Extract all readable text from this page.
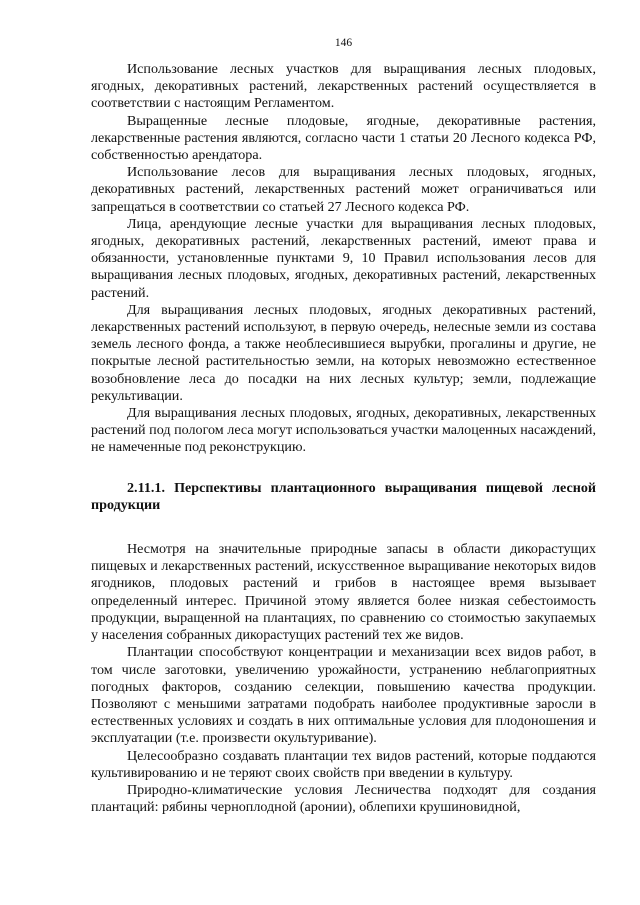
146

Использование лесных участков для выращивания лесных плодовых, ягодных, декоративных растений, лекарственных растений осуществляется в соответствии с настоящим Регламентом.

Выращенные лесные плодовые, ягодные, декоративные растения, лекарственные растения являются, согласно части 1 статьи 20 Лесного кодекса РФ, собственностью арендатора.

Использование лесов для выращивания лесных плодовых, ягодных, декоративных растений, лекарственных растений может ограничиваться или запрещаться в соответствии со статьей 27 Лесного кодекса РФ.

Лица, арендующие лесные участки для выращивания лесных плодовых, ягодных, декоративных растений, лекарственных растений, имеют права и обязанности, установленные пунктами 9, 10 Правил использования лесов для выращивания лесных плодовых, ягодных, декоративных растений, лекарственных растений.

Для выращивания лесных плодовых, ягодных декоративных растений, лекарственных растений используют, в первую очередь, нелесные земли из состава земель лесного фонда, а также необлесившиеся вырубки, прогалины и другие, не покрытые лесной растительностью земли, на которых невозможно естественное возобновление леса до посадки на них лесных культур; земли, подлежащие рекультивации.

Для выращивания лесных плодовых, ягодных, декоративных, лекарственных растений под пологом леса могут использоваться участки малоценных насаждений, не намеченные под реконструкцию.

2.11.1. Перспективы плантационного выращивания пищевой лесной продукции

Несмотря на значительные природные запасы в области дикорастущих пищевых и лекарственных растений, искусственное выращивание некоторых видов ягодников, плодовых растений и грибов в настоящее время вызывает определенный интерес. Причиной этому является более низкая себестоимость продукции, выращенной на плантациях, по сравнению со стоимостью закупаемых у населения собранных дикорастущих растений тех же видов.

Плантации способствуют концентрации и механизации всех видов работ, в том числе заготовки, увеличению урожайности, устранению неблагоприятных погодных факторов, созданию селекции, повышению качества продукции. Позволяют с меньшими затратами подобрать наиболее продуктивные заросли в естественных условиях и создать в них оптимальные условия для плодоношения и эксплуатации (т.е. произвести окультуривание).

Целесообразно создавать плантации тех видов растений, которые поддаются культивированию и не теряют своих свойств при введении в культуру.

Природно-климатические условия Лесничества подходят для создания плантаций: рябины черноплодной (аронии), облепихи крушиновидной,
